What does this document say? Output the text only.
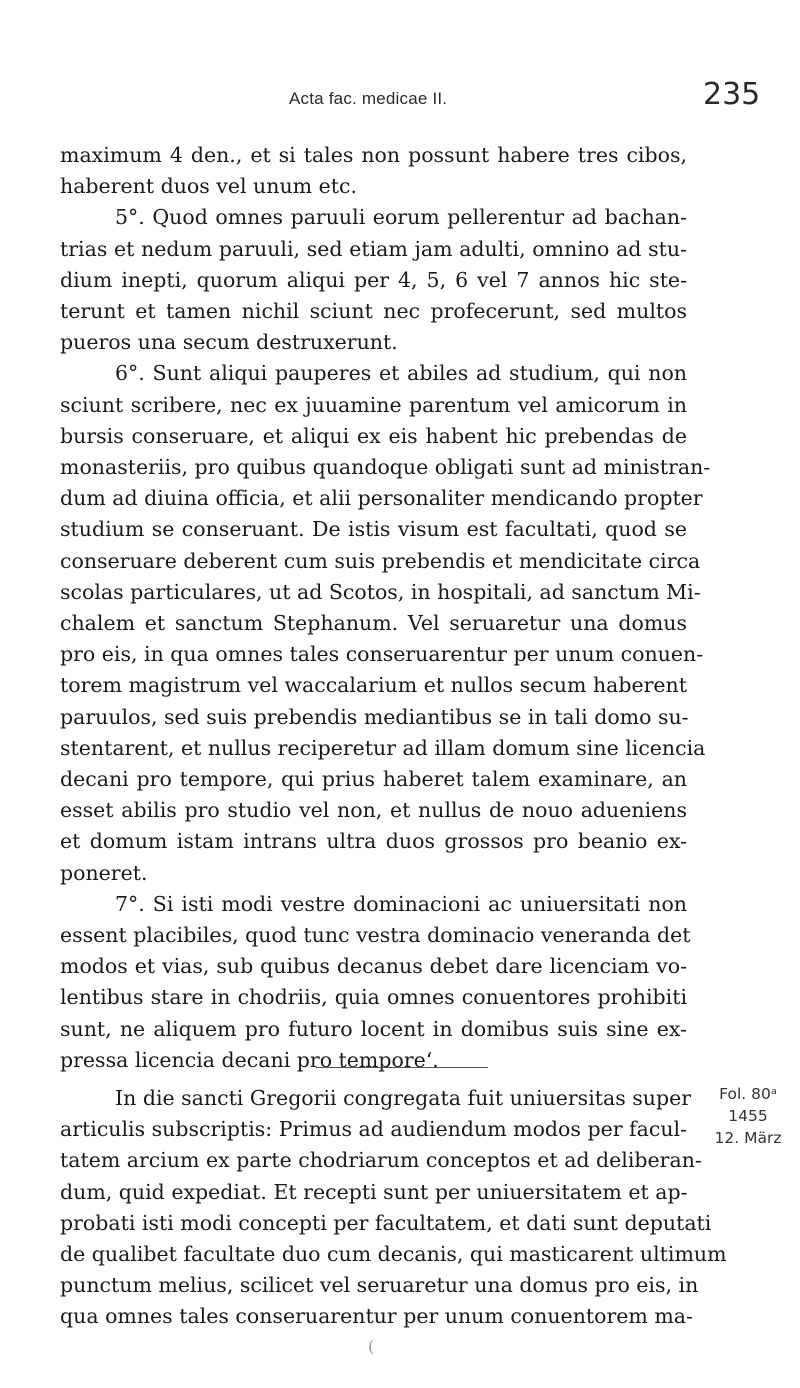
Acta fac. medicae II.	235
maximum 4 den., et si tales non possunt habere tres cibos,
haberent duos vel unum etc.
5°. Quod omnes paruuli eorum pellerentur ad bachan-
trias et nedum paruuli, sed etiam jam adulti, omnino ad stu-
dium inepti, quorum aliqui per 4, 5, 6 vel 7 annos hic ste-
terunt et tamen nichil sciunt nec profecerunt, sed multos
pueros una secum destruxerunt.
6°. Sunt aliqui pauperes et abiles ad studium, qui non
sciunt scribere, nec ex juuamine parentum vel amicorum in
bursis conseruare, et aliqui ex eis habent hic prebendas de
monasteriis, pro quibus quandoque obligati sunt ad ministran-
dum ad diuina officia, et alii personaliter mendicando propter
studium se conseruant. De istis visum est facultati, quod se
conseruare deberent cum suis prebendis et mendicitate circa
scolas particulares, ut ad Scotos, in hospitali, ad sanctum Mi-
chalem et sanctum Stephanum. Vel seruaretur una domus
pro eis, in qua omnes tales conseruarentur per unum conuen-
torem magistrum vel waccalarium et nullos secum haberent
paruulos, sed suis prebendis mediantibus se in tali domo su-
stentarent, et nullus reciperetur ad illam domum sine licencia
decani pro tempore, qui prius haberet talem examinare, an
esset abilis pro studio vel non, et nullus de nouo adueniens
et domum istam intrans ultra duos grossos pro beanio ex-
poneret.
7°. Si isti modi vestre dominacioni ac uniuersitati non
essent placibiles, quod tunc vestra dominacio veneranda det
modos et vias, sub quibus decanus debet dare licenciam vo-
lentibus stare in chodriis, quia omnes conuentores prohibiti
sunt, ne aliquem pro futuro locent in domibus suis sine ex-
pressa licencia decani pro tempore‘.
In die sancti Gregorii congregata fuit uniuersitas super
articulis subscriptis: Primus ad audiendum modos per facul-
tatem arcium ex parte chodriarum conceptos et ad deliberan-
dum, quid expediat. Et recepti sunt per uniuersitatem et ap-
probati isti modi concepti per facultatem, et dati sunt deputati
de qualibet facultate duo cum decanis, qui masticarent ultimum
punctum melius, scilicet vel seruaretur una domus pro eis, in
qua omnes tales conseruarentur per unum conuentorem ma-
Fol. 80ᵃ
1455
12. März
(
